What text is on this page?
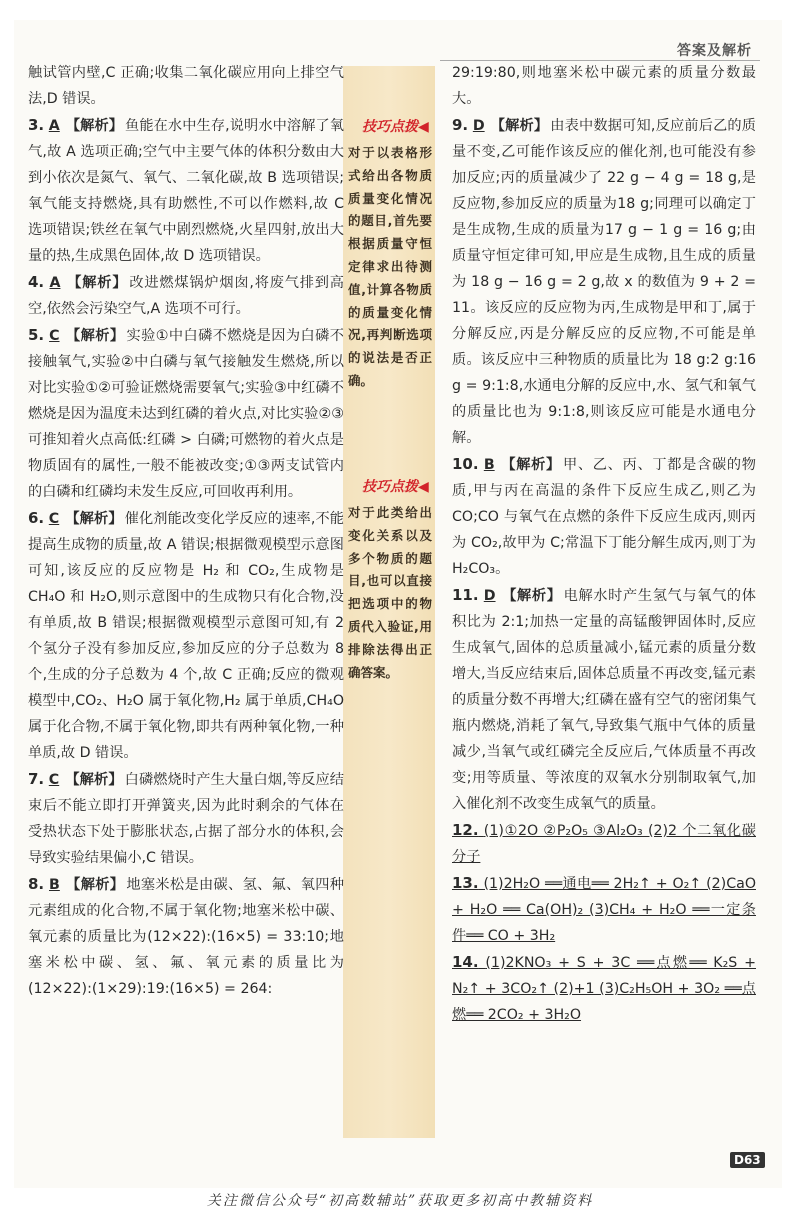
答案及解析
技巧点拨◀
对于以表格形式给出各物质质量变化情况的题目,首先要根据质量守恒定律求出待测值,计算各物质的质量变化情况,再判断选项的说法是否正确。
技巧点拨◀
对于此类给出变化关系以及多个物质的题目,也可以直接把选项中的物质代入验证,用排除法得出正确答案。

触试管内壁,C 正确;收集二氧化碳应用向上排空气法,D 错误。

3. A 【解析】 鱼能在水中生存,说明水中溶解了氧气,故 A 选项正确;空气中主要气体的体积分数由大到小依次是氮气、氧气、二氧化碳,故 B 选项错误;氧气能支持燃烧,具有助燃性,不可以作燃料,故 C 选项错误;铁丝在氧气中剧烈燃烧,火星四射,放出大量的热,生成黑色固体,故 D 选项错误。

4. A 【解析】 改进燃煤锅炉烟囱,将废气排到高空,依然会污染空气,A 选项不可行。

5. C 【解析】 实验①中白磷不燃烧是因为白磷不接触氧气,实验②中白磷与氧气接触发生燃烧,所以对比实验①②可验证燃烧需要氧气;实验③中红磷不燃烧是因为温度未达到红磷的着火点,对比实验②③可推知着火点高低:红磷 > 白磷;可燃物的着火点是物质固有的属性,一般不能被改变;①③两支试管内的白磷和红磷均未发生反应,可回收再利用。

6. C 【解析】 催化剂能改变化学反应的速率,不能提高生成物的质量,故 A 错误;根据微观模型示意图可知,该反应的反应物是 H₂ 和 CO₂,生成物是 CH₄O 和 H₂O,则示意图中的生成物只有化合物,没有单质,故 B 错误;根据微观模型示意图可知,有 2 个氢分子没有参加反应,参加反应的分子总数为 8 个,生成的分子总数为 4 个,故 C 正确;反应的微观模型中,CO₂、H₂O 属于氧化物,H₂ 属于单质,CH₄O 属于化合物,不属于氧化物,即共有两种氧化物,一种单质,故 D 错误。

7. C 【解析】 白磷燃烧时产生大量白烟,等反应结束后不能立即打开弹簧夹,因为此时剩余的气体在受热状态下处于膨胀状态,占据了部分水的体积,会导致实验结果偏小,C 错误。

8. B 【解析】 地塞米松是由碳、氢、氟、氧四种元素组成的化合物,不属于氧化物;地塞米松中碳、氧元素的质量比为(12×22):(16×5) = 33:10;地塞米松中碳、氢、氟、氧元素的质量比为(12×22):(1×29):19:(16×5) = 264:

29:19:80,则地塞米松中碳元素的质量分数最大。

9. D 【解析】 由表中数据可知,反应前后乙的质量不变,乙可能作该反应的催化剂,也可能没有参加反应;丙的质量减少了 22 g − 4 g = 18 g,是反应物,参加反应的质量为18 g;同理可以确定丁是生成物,生成的质量为17 g − 1 g = 16 g;由质量守恒定律可知,甲应是生成物,且生成的质量为 18 g − 16 g = 2 g,故 x 的数值为 9 + 2 = 11。该反应的反应物为丙,生成物是甲和丁,属于分解反应,丙是分解反应的反应物,不可能是单质。该反应中三种物质的质量比为 18 g:2 g:16 g = 9:1:8,水通电分解的反应中,水、氢气和氧气的质量比也为 9:1:8,则该反应可能是水通电分解。

10. B 【解析】 甲、乙、丙、丁都是含碳的物质,甲与丙在高温的条件下反应生成乙,则乙为 CO;CO 与氧气在点燃的条件下反应生成丙,则丙为 CO₂,故甲为 C;常温下丁能分解生成丙,则丁为 H₂CO₃。

11. D 【解析】 电解水时产生氢气与氧气的体积比为 2:1;加热一定量的高锰酸钾固体时,反应生成氧气,固体的总质量减小,锰元素的质量分数增大,当反应结束后,固体总质量不再改变,锰元素的质量分数不再增大;红磷在盛有空气的密闭集气瓶内燃烧,消耗了氧气,导致集气瓶中气体的质量减少,当氧气或红磷完全反应后,气体质量不再改变;用等质量、等浓度的双氧水分别制取氧气,加入催化剂不改变生成氧气的质量。

12. (1)①2O ②P₂O₅ ③Al₂O₃ (2)2 个二氧化碳分子

13. (1)2H₂O ══通电══ 2H₂↑ + O₂↑ (2)CaO + H₂O ══ Ca(OH)₂ (3)CH₄ + H₂O ══一定条件══ CO + 3H₂

14. (1)2KNO₃ + S + 3C ══点燃══ K₂S + N₂↑ + 3CO₂↑ (2)+1 (3)C₂H₅OH + 3O₂ ══点燃══ 2CO₂ + 3H₂O

D63
关注微信公众号“初高数辅站”获取更多初高中教辅资料
